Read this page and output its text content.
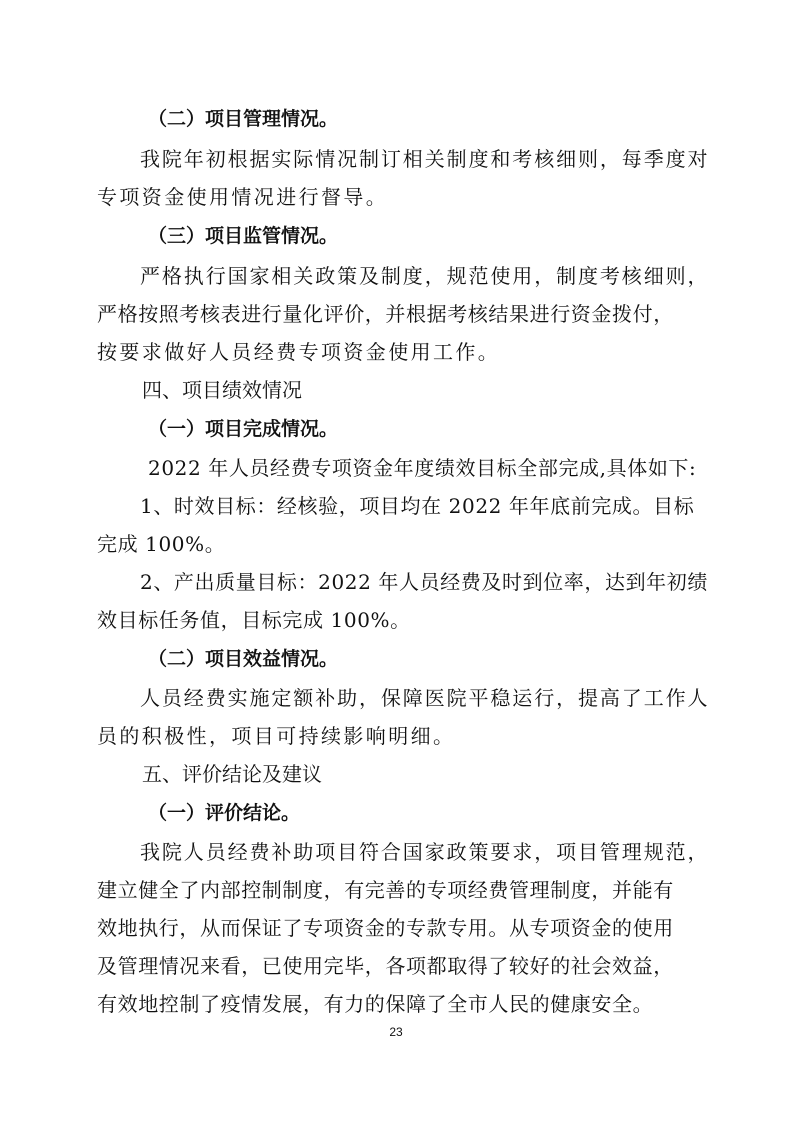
（二）项目管理情况。
我院年初根据实际情况制订相关制度和考核细则，每季度对
专项资金使用情况进行督导。
（三）项目监管情况。
严格执行国家相关政策及制度，规范使用，制度考核细则，
严格按照考核表进行量化评价，并根据考核结果进行资金拨付，
按要求做好人员经费专项资金使用工作。
四、项目绩效情况
（一）项目完成情况。
2022 年人员经费专项资金年度绩效目标全部完成,具体如下:
1、时效目标：经核验，项目均在 2022 年年底前完成。目标
完成 100%。
2、产出质量目标：2022 年人员经费及时到位率，达到年初绩
效目标任务值，目标完成 100%。
（二）项目效益情况。
人员经费实施定额补助，保障医院平稳运行，提高了工作人
员的积极性，项目可持续影响明细。
五、评价结论及建议
（一）评价结论。
我院人员经费补助项目符合国家政策要求，项目管理规范，
建立健全了内部控制制度，有完善的专项经费管理制度，并能有
效地执行，从而保证了专项资金的专款专用。从专项资金的使用
及管理情况来看，已使用完毕，各项都取得了较好的社会效益，
有效地控制了疫情发展，有力的保障了全市人民的健康安全。
23
